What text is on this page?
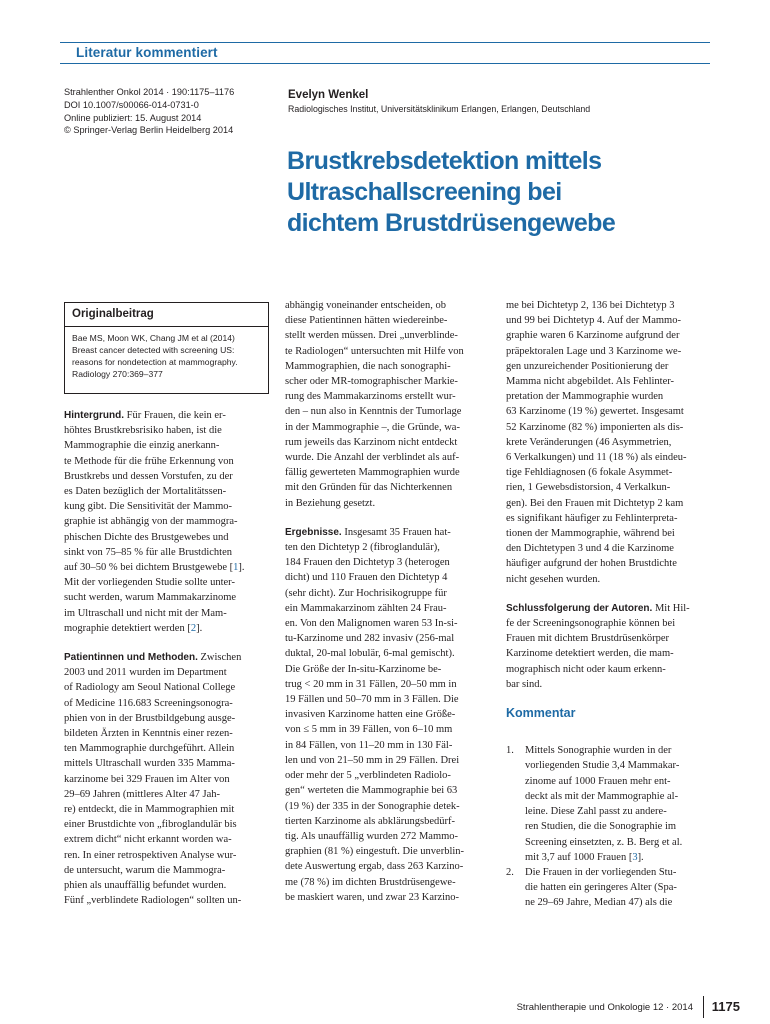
Literatur kommentiert
Strahlenther Onkol 2014 · 190:1175–1176
DOI 10.1007/s00066-014-0731-0
Online publiziert: 15. August 2014
© Springer-Verlag Berlin Heidelberg 2014
Evelyn Wenkel
Radiologisches Institut, Universitätsklinikum Erlangen, Erlangen, Deutschland
Brustkrebsdetektion mittels
Ultraschallscreening bei
dichtem Brustdrüsengewebe
Originalbeitrag
Bae MS, Moon WK, Chang JM et al (2014)
Breast cancer detected with screening US:
reasons for nondetection at mammography.
Radiology 270:369–377

Hintergrund. Für Frauen, die kein er-
höhtes Brustkrebsrisiko haben, ist die
Mammographie die einzig anerkann-
te Methode für die frühe Erkennung von
Brustkrebs und dessen Vorstufen, zu der
es Daten bezüglich der Mortalitätssen-
kung gibt. Die Sensitivität der Mammo-
graphie ist abhängig von der mammogra-
phischen Dichte des Brustgewebes und
sinkt von 75–85 % für alle Brustdichten
auf 30–50 % bei dichtem Brustgewebe [1].
Mit der vorliegenden Studie sollte unter-
sucht werden, warum Mammakarzinome
im Ultraschall und nicht mit der Mam-
mographie detektiert werden [2].

Patientinnen und Methoden. Zwischen
2003 und 2011 wurden im Department
of Radiology am Seoul National College
of Medicine 116.683 Screeningsonogra-
phien von in der Brustbildgebung ausge-
bildeten Ärzten in Kenntnis einer rezen-
ten Mammographie durchgeführt. Allein
mittels Ultraschall wurden 335 Mamma-
karzinome bei 329 Frauen im Alter von
29–69 Jahren (mittleres Alter 47 Jah-
re) entdeckt, die in Mammographien mit
einer Brustdichte von „fibroglandulär bis
extrem dicht“ nicht erkannt worden wa-
ren. In einer retrospektiven Analyse wur-
de untersucht, warum die Mammogra-
phien als unauffällig befundet wurden.
Fünf „verblindete Radiologen“ sollten un-

abhängig voneinander entscheiden, ob
diese Patientinnen hätten wiedereinbe-
stellt werden müssen. Drei „unverblinde-
te Radiologen“ untersuchten mit Hilfe von
Mammographien, die nach sonographi-
scher oder MR-tomographischer Markie-
rung des Mammakarzinoms erstellt wur-
den – nun also in Kenntnis der Tumorlage
in der Mammographie –, die Gründe, wa-
rum jeweils das Karzinom nicht entdeckt
wurde. Die Anzahl der verblindet als auf-
fällig gewerteten Mammographien wurde
mit den Gründen für das Nichterkennen
in Beziehung gesetzt.

Ergebnisse. Insgesamt 35 Frauen hat-
ten den Dichtetyp 2 (fibroglandulär),
184 Frauen den Dichtetyp 3 (heterogen
dicht) und 110 Frauen den Dichtetyp 4
(sehr dicht). Zur Hochrisikogruppe für
ein Mammakarzinom zählten 24 Frau-
en. Von den Malignomen waren 53 In-si-
tu-Karzinome und 282 invasiv (256-mal
duktal, 20-mal lobulär, 6-mal gemischt).
Die Größe der In-situ-Karzinome be-
trug < 20 mm in 31 Fällen, 20–50 mm in
19 Fällen und 50–70 mm in 3 Fällen. Die
invasiven Karzinome hatten eine Größe-
von ≤ 5 mm in 39 Fällen, von 6–10 mm
in 84 Fällen, von 11–20 mm in 130 Fäl-
len und von 21–50 mm in 29 Fällen. Drei
oder mehr der 5 „verblindeten Radiolo-
gen“ werteten die Mammographie bei 63
(19 %) der 335 in der Sonographie detek-
tierten Karzinome als abklärungsbedürf-
tig. Als unauffällig wurden 272 Mammo-
graphien (81 %) eingestuft. Die unverblin-
dete Auswertung ergab, dass 263 Karzino-
me (78 %) im dichten Brustdrüsengewe-
be maskiert waren, und zwar 23 Karzino-

me bei Dichtetyp 2, 136 bei Dichtetyp 3
und 99 bei Dichtetyp 4. Auf der Mammo-
graphie waren 6 Karzinome aufgrund der
präpektoralen Lage und 3 Karzinome we-
gen unzureichender Positionierung der
Mamma nicht abgebildet. Als Fehlinter-
pretation der Mammographie wurden
63 Karzinome (19 %) gewertet. Insgesamt
52 Karzinome (82 %) imponierten als dis-
krete Veränderungen (46 Asymmetrien,
6 Verkalkungen) und 11 (18 %) als eindeu-
tige Fehldiagnosen (6 fokale Asymmet-
rien, 1 Gewebsdistorsion, 4 Verkalkun-
gen). Bei den Frauen mit Dichtetyp 2 kam
es signifikant häufiger zu Fehlinterpreta-
tionen der Mammographie, während bei
den Dichtetypen 3 und 4 die Karzinome
häufiger aufgrund der hohen Brustdichte
nicht gesehen wurden.

Schlussfolgerung der Autoren. Mit Hil-
fe der Screeningsonographie können bei
Frauen mit dichtem Brustdrüsenkörper
Karzinome detektiert werden, die mam-
mographisch nicht oder kaum erkenn-
bar sind.

Kommentar
1. Mittels Sonographie wurden in der
vorliegenden Studie 3,4 Mammakar-
zinome auf 1000 Frauen mehr ent-
deckt als mit der Mammographie al-
leine. Diese Zahl passt zu andere-
ren Studien, die die Sonographie im
Screening einsetzten, z. B. Berg et al.
mit 3,7 auf 1000 Frauen [3].
2. Die Frauen in der vorliegenden Stu-
die hatten ein geringeres Alter (Spa-
ne 29–69 Jahre, Median 47) als die
Strahlentherapie und Onkologie 12 · 2014 1175
